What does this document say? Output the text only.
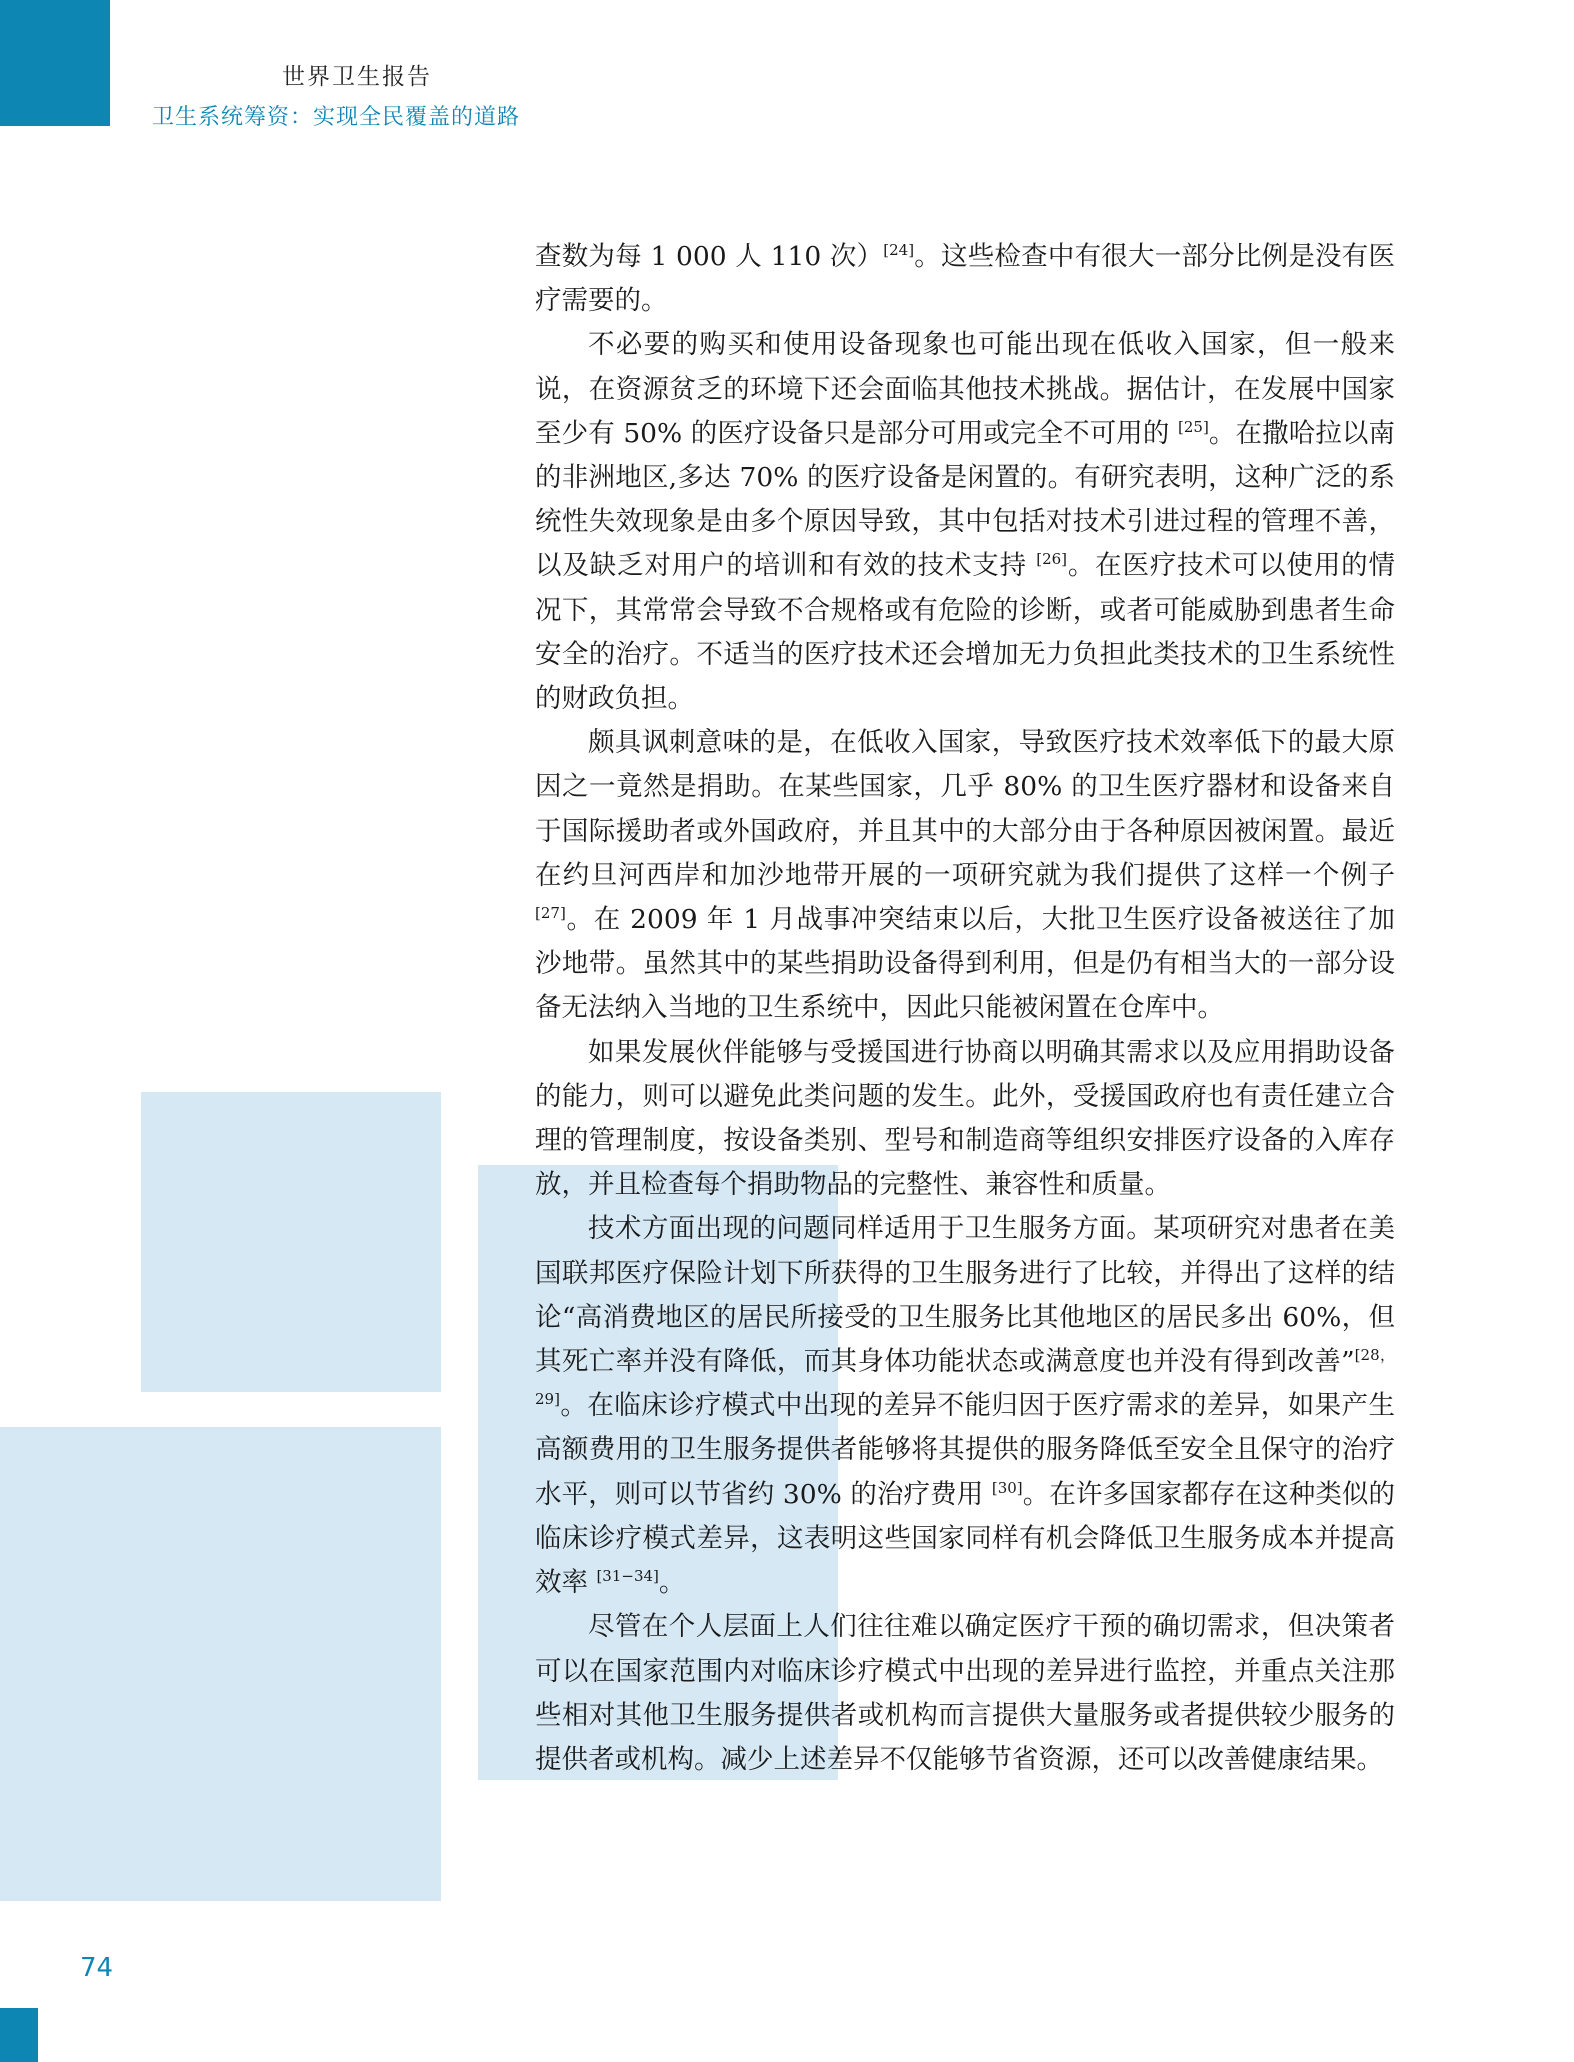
世界卫生报告
卫生系统筹资：实现全民覆盖的道路

查数为每 1 000 人 110 次）[24]。这些检查中有很大一部分比例是没有医疗需要的。

不必要的购买和使用设备现象也可能出现在低收入国家，但一般来说，在资源贫乏的环境下还会面临其他技术挑战。据估计，在发展中国家至少有 50% 的医疗设备只是部分可用或完全不可用的 [25]。在撒哈拉以南的非洲地区,多达 70% 的医疗设备是闲置的。有研究表明，这种广泛的系统性失效现象是由多个原因导致，其中包括对技术引进过程的管理不善，以及缺乏对用户的培训和有效的技术支持 [26]。在医疗技术可以使用的情况下，其常常会导致不合规格或有危险的诊断，或者可能威胁到患者生命安全的治疗。不适当的医疗技术还会增加无力负担此类技术的卫生系统性的财政负担。

颇具讽刺意味的是，在低收入国家，导致医疗技术效率低下的最大原因之一竟然是捐助。在某些国家，几乎 80% 的卫生医疗器材和设备来自于国际援助者或外国政府，并且其中的大部分由于各种原因被闲置。最近在约旦河西岸和加沙地带开展的一项研究就为我们提供了这样一个例子 [27]。在 2009 年 1 月战事冲突结束以后，大批卫生医疗设备被送往了加沙地带。虽然其中的某些捐助设备得到利用，但是仍有相当大的一部分设备无法纳入当地的卫生系统中，因此只能被闲置在仓库中。

如果发展伙伴能够与受援国进行协商以明确其需求以及应用捐助设备的能力，则可以避免此类问题的发生。此外，受援国政府也有责任建立合理的管理制度，按设备类别、型号和制造商等组织安排医疗设备的入库存放，并且检查每个捐助物品的完整性、兼容性和质量。

技术方面出现的问题同样适用于卫生服务方面。某项研究对患者在美国联邦医疗保险计划下所获得的卫生服务进行了比较，并得出了这样的结论“高消费地区的居民所接受的卫生服务比其他地区的居民多出 60%，但其死亡率并没有降低，而其身体功能状态或满意度也并没有得到改善”[28，29]。在临床诊疗模式中出现的差异不能归因于医疗需求的差异，如果产生高额费用的卫生服务提供者能够将其提供的服务降低至安全且保守的治疗水平，则可以节省约 30% 的治疗费用 [30]。在许多国家都存在这种类似的临床诊疗模式差异，这表明这些国家同样有机会降低卫生服务成本并提高效率 [31−34]。

尽管在个人层面上人们往往难以确定医疗干预的确切需求，但决策者可以在国家范围内对临床诊疗模式中出现的差异进行监控，并重点关注那些相对其他卫生服务提供者或机构而言提供大量服务或者提供较少服务的提供者或机构。减少上述差异不仅能够节省资源，还可以改善健康结果。

74
